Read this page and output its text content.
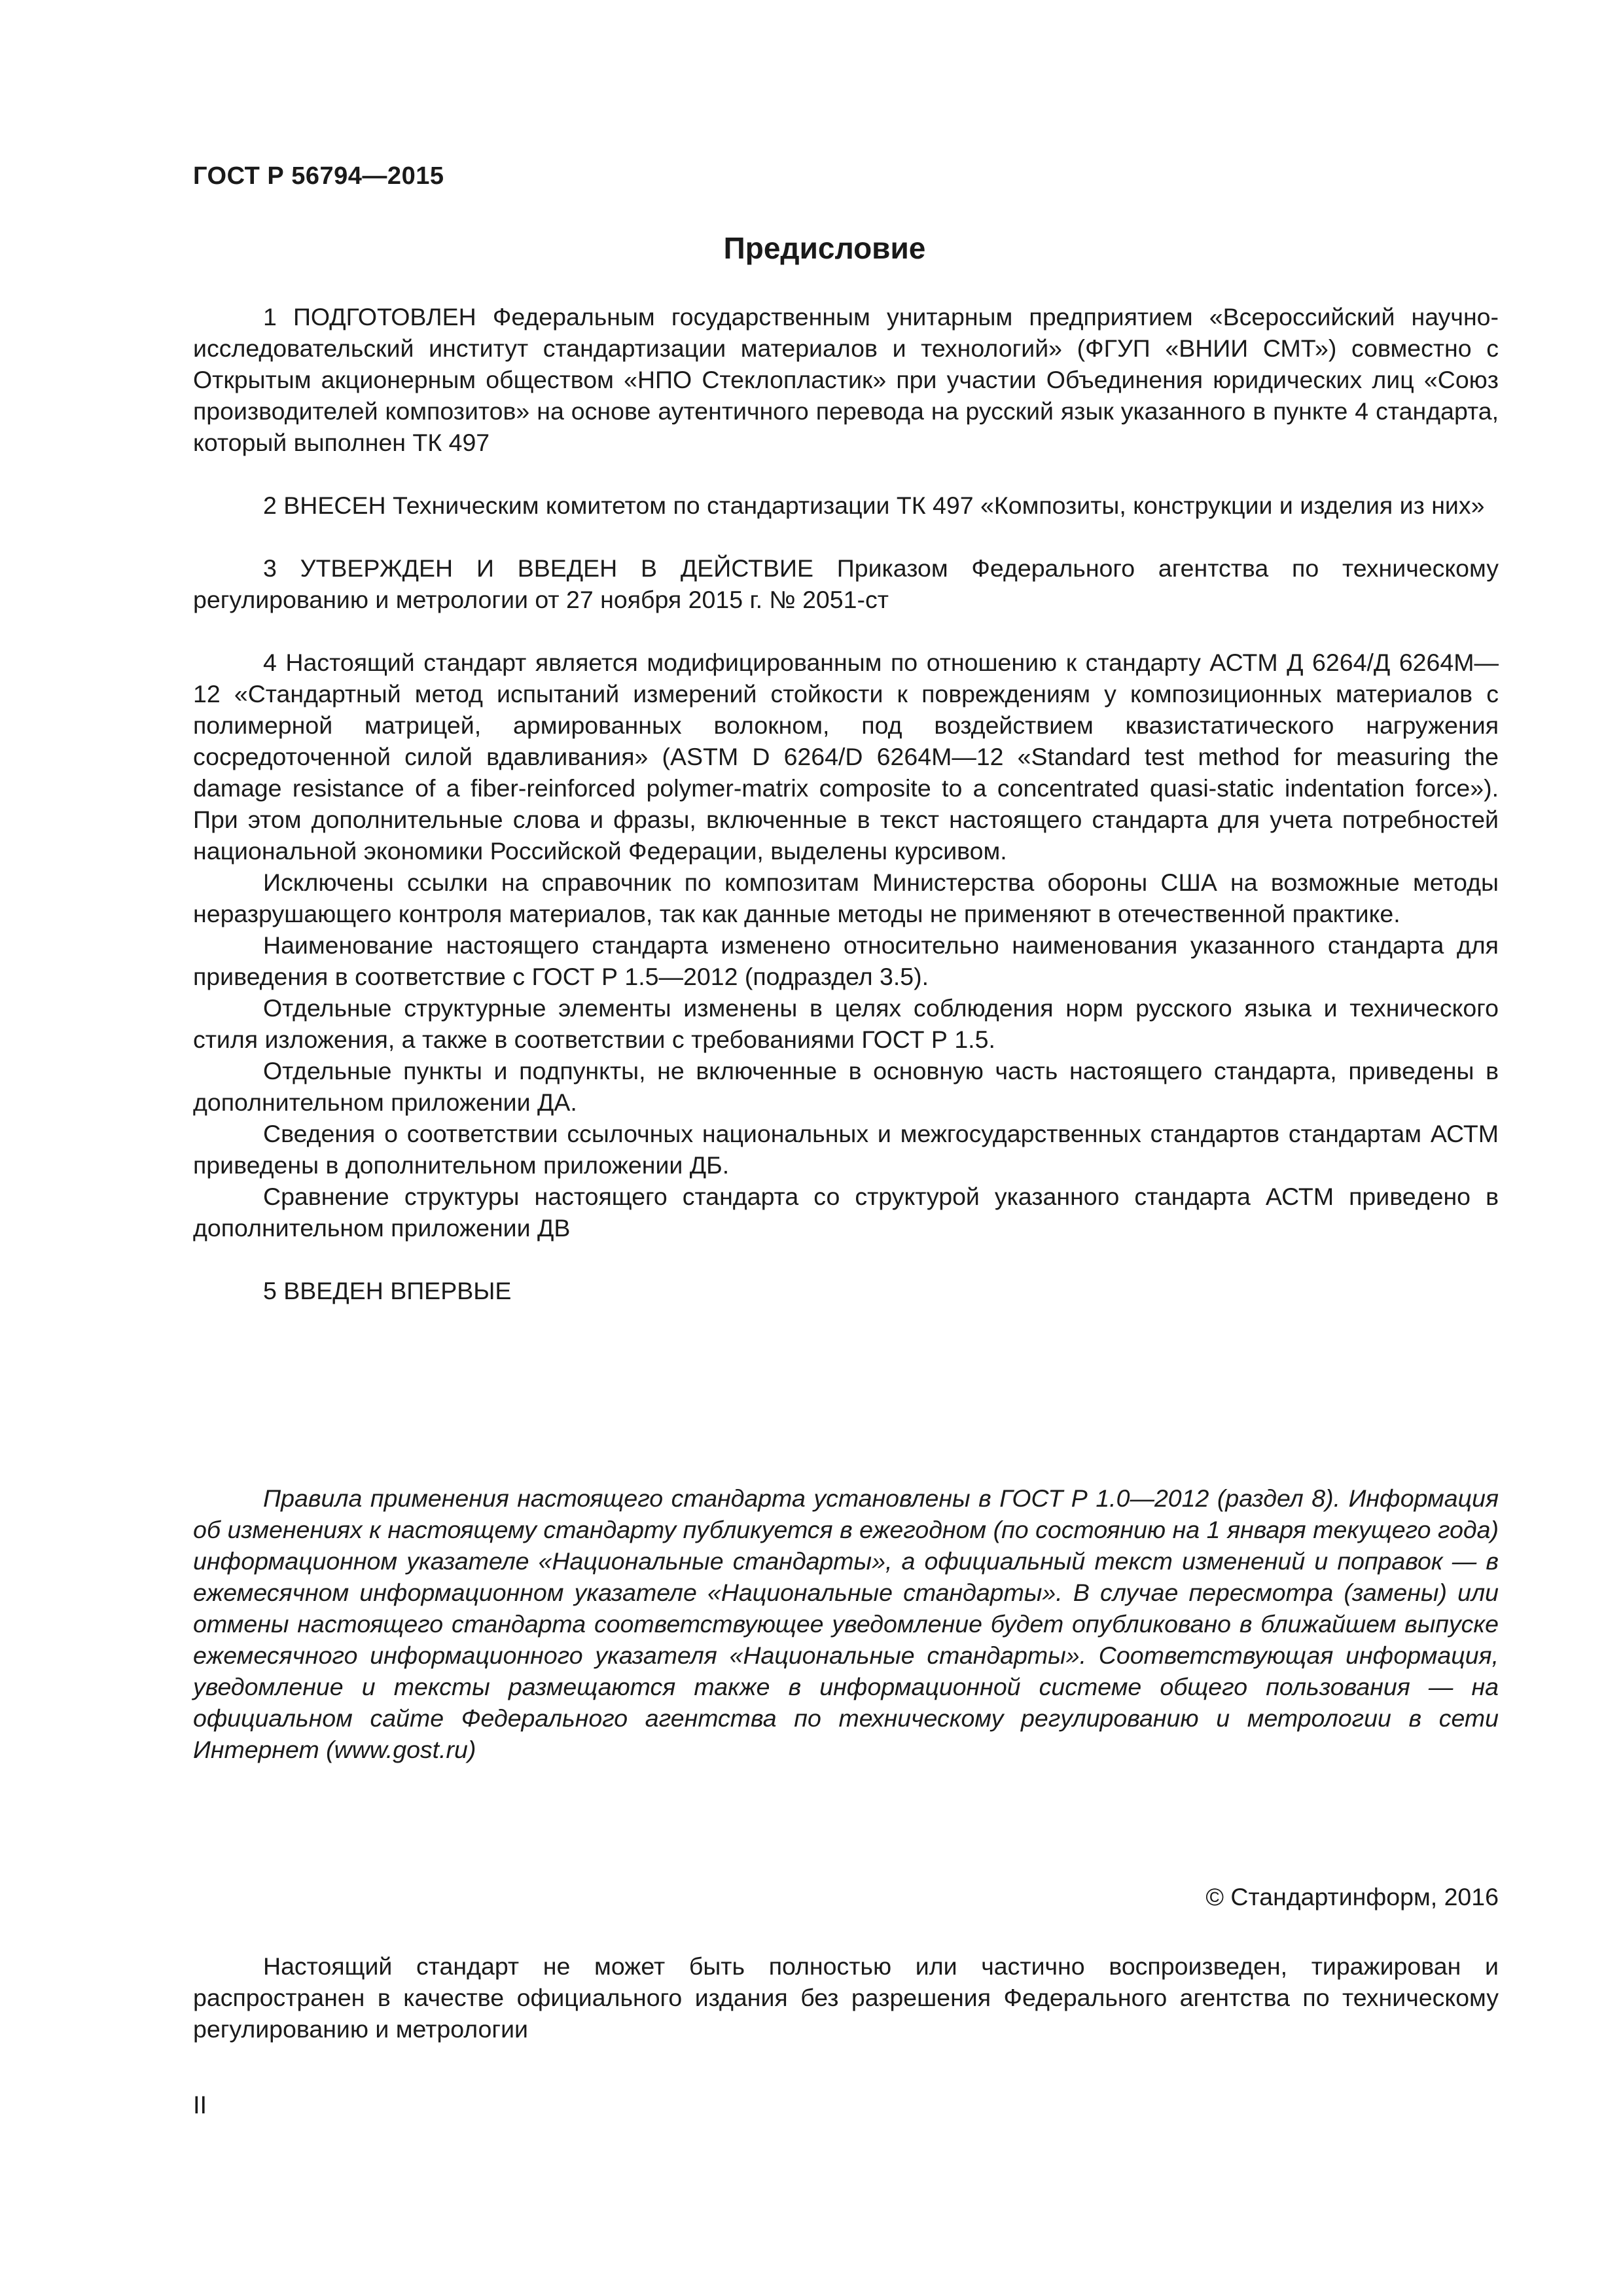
ГОСТ Р 56794—2015
Предисловие

1 ПОДГОТОВЛЕН Федеральным государственным унитарным предприятием «Всероссийский научно-исследовательский институт стандартизации материалов и технологий» (ФГУП «ВНИИ СМТ») совместно с Открытым акционерным обществом «НПО Стеклопластик» при участии Объединения юридических лиц «Союз производителей композитов» на основе аутентичного перевода на русский язык указанного в пункте 4 стандарта, который выполнен ТК 497

2 ВНЕСЕН Техническим комитетом по стандартизации ТК 497 «Композиты, конструкции и изделия из них»

3 УТВЕРЖДЕН И ВВЕДЕН В ДЕЙСТВИЕ Приказом Федерального агентства по техническому регулированию и метрологии от 27 ноября 2015 г. № 2051-ст

4 Настоящий стандарт является модифицированным по отношению к стандарту АСТМ Д 6264/Д 6264М—12 «Стандартный метод испытаний измерений стойкости к повреждениям у композиционных материалов с полимерной матрицей, армированных волокном, под воздействием квазистатического нагружения сосредоточенной силой вдавливания» (ASTM D 6264/D 6264M—12 «Standard test method for measuring the damage resistance of a fiber-reinforced polymer-matrix composite to a concentrated quasi-static indentation force»). При этом дополнительные слова и фразы, включенные в текст настоящего стандарта для учета потребностей национальной экономики Российской Федерации, выделены курсивом.

Исключены ссылки на справочник по композитам Министерства обороны США на возможные методы неразрушающего контроля материалов, так как данные методы не применяют в отечественной практике.

Наименование настоящего стандарта изменено относительно наименования указанного стандарта для приведения в соответствие с ГОСТ Р 1.5—2012 (подраздел 3.5).

Отдельные структурные элементы изменены в целях соблюдения норм русского языка и технического стиля изложения, а также в соответствии с требованиями ГОСТ Р 1.5.

Отдельные пункты и подпункты, не включенные в основную часть настоящего стандарта, приведены в дополнительном приложении ДА.

Сведения о соответствии ссылочных национальных и межгосударственных стандартов стандартам АСТМ приведены в дополнительном приложении ДБ.

Сравнение структуры настоящего стандарта со структурой указанного стандарта АСТМ приведено в дополнительном приложении ДВ

5 ВВЕДЕН ВПЕРВЫЕ

Правила применения настоящего стандарта установлены в ГОСТ Р 1.0—2012 (раздел 8). Информация об изменениях к настоящему стандарту публикуется в ежегодном (по состоянию на 1 января текущего года) информационном указателе «Национальные стандарты», а официальный текст изменений и поправок — в ежемесячном информационном указателе «Национальные стандарты». В случае пересмотра (замены) или отмены настоящего стандарта соответствующее уведомление будет опубликовано в ближайшем выпуске ежемесячного информационного указателя «Национальные стандарты». Соответствующая информация, уведомление и тексты размещаются также в информационной системе общего пользования — на официальном сайте Федерального агентства по техническому регулированию и метрологии в сети Интернет (www.gost.ru)

© Стандартинформ, 2016

Настоящий стандарт не может быть полностью или частично воспроизведен, тиражирован и распространен в качестве официального издания без разрешения Федерального агентства по техническому регулированию и метрологии

II
